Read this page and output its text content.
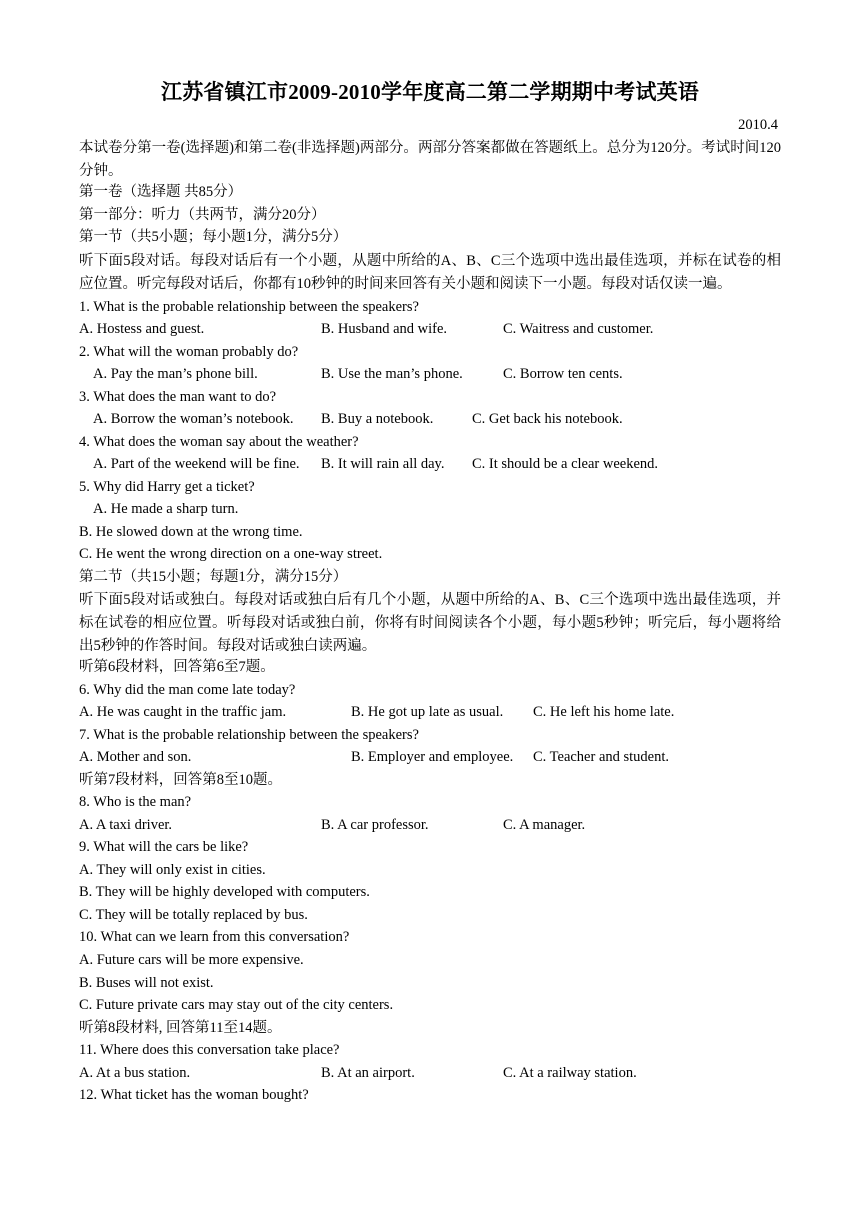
江苏省镇江市2009-2010学年度高二第二学期期中考试英语
2010.4
本试卷分第一卷(选择题)和第二卷(非选择题)两部分。两部分答案都做在答题纸上。总分为120分。考试时间120分钟。
第一卷（选择题 共85分）
第一部分：听力（共两节，满分20分）
第一节（共5小题；每小题1分，满分5分）
听下面5段对话。每段对话后有一个小题，从题中所给的A、B、C三个选项中选出最佳选项，并标在试卷的相应位置。听完每段对话后，你都有10秒钟的时间来回答有关小题和阅读下一小题。每段对话仅读一遍。
1. What is the probable relationship between the speakers?
A. Hostess and guest.	B. Husband and wife.	C. Waitress and customer.
2. What will the woman probably do?
A. Pay the man’s phone bill.	B. Use the man’s phone.	C. Borrow ten cents.
3. What does the man want to do?
A. Borrow the woman’s notebook. B. Buy a notebook.	C. Get back his notebook.
4. What does the woman say about the weather?
A. Part of the weekend will be fine. B. It will rain all day. C. It should be a clear weekend.
5. Why did Harry get a ticket?
A. He made a sharp turn.
B. He slowed down at the wrong time.
C. He went the wrong direction on a one-way street.
第二节（共15小题；每题1分，满分15分）
听下面5段对话或独白。每段对话或独白后有几个小题，从题中所给的A、B、C三个选项中选出最佳选项，并标在试卷的相应位置。听每段对话或独白前，你将有时间阅读各个小题，每小题5秒钟；听完后，每小题将给出5秒钟的作答时间。每段对话或独白读两遍。
听第6段材料，回答第6至7题。
6. Why did the man come late today?
A. He was caught in the traffic jam.	B. He got up late as usual. C. He left his home late.
7. What is the probable relationship between the speakers?
A. Mother and son.	B. Employer and employee. C. Teacher and student.
听第7段材料，回答第8至10题。
8. Who is the man?
A. A taxi driver.	B. A car professor.	C. A manager.
9. What will the cars be like?
A. They will only exist in cities.
B. They will be highly developed with computers.
C. They will be totally replaced by bus.
10. What can we learn from this conversation?
A. Future cars will be more expensive.
B. Buses will not exist.
C. Future private cars may stay out of the city centers.
听第8段材料, 回答第11至14题。
11. Where does this conversation take place?
A. At a bus station.	B. At an airport.	C. At a railway station.
12. What ticket has the woman bought?
